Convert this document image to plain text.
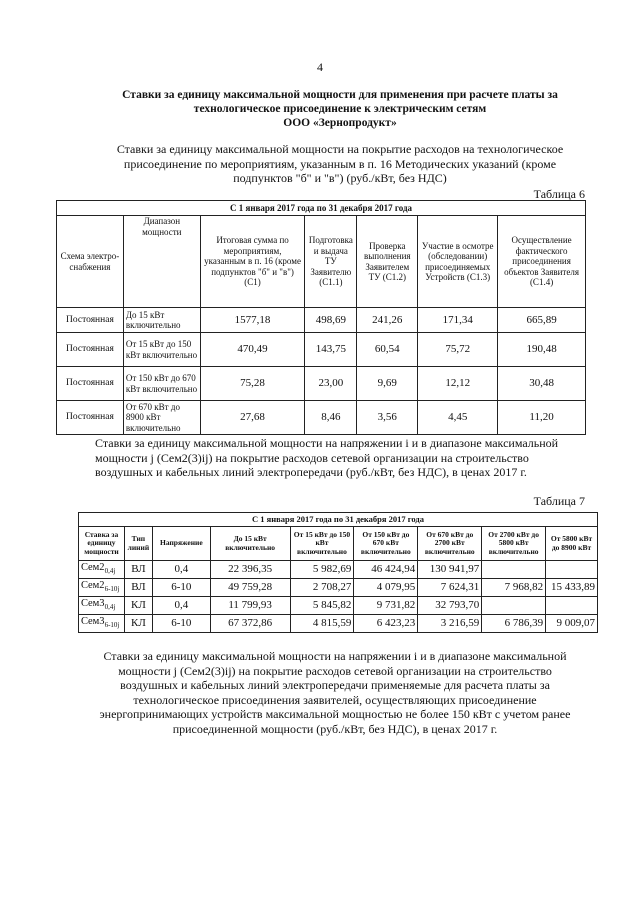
4
Ставки за единицу максимальной мощности для применения при расчете платы за
технологическое присоединение к электрическим сетям
ООО «Зернопродукт»
Ставки за единицу максимальной мощности на покрытие расходов на технологическое присоединение по мероприятиям, указанным в п. 16 Методических указаний (кроме подпунктов "б" и "в") (руб./кВт, без НДС)
Таблица 6
С 1 января 2017 года по 31 декабря 2017 года						
Схема электро-снабжения	Диапазон мощности	Итоговая сумма по мероприятиям, указанным в п. 16 (кроме подпунктов "б" и "в") (С1)	Подготовка и выдача ТУ Заявителю (С1.1)	Проверка выполнения Заявителем ТУ (С1.2)	Участие в осмотре (обследовании) присоединяемых Устройств (С1.3)	Осуществление фактического присоединения объектов Заявителя (С1.4)
Постоянная	До 15 кВт включительно	1577,18	498,69	241,26	171,34	665,89
Постоянная	От 15 кВт до 150 кВт включительно	470,49	143,75	60,54	75,72	190,48
Постоянная	От 150 кВт до 670 кВт включительно	75,28	23,00	9,69	12,12	30,48
Постоянная	От 670 кВт до 8900 кВт включительно	27,68	8,46	3,56	4,45	11,20
Ставки за единицу максимальной мощности на напряжении i и в диапазоне максимальной мощности j (Cем2(3)ij) на покрытие расходов сетевой организации на строительство воздушных и кабельных линий электропередачи (руб./кВт, без НДС), в ценах 2017 г.
Таблица 7
С 1 января 2017 года по 31 декабря 2017 года								
Ставка за единицу мощности	Тип линий	Напряжение	До 15 кВт включительно	От 15 кВт до 150 кВт включительно	От 150 кВт до 670 кВт включительно	От 670 кВт до 2700 кВт включительно	От 2700 кВт до 5800 кВт включительно	От 5800 кВт до 8900 кВт
$Cем2_{0,4j}$	ВЛ	0,4	22 396,35	5 982,69	46 424,94	130 941,97		
$Cем2_{6-10j}$	ВЛ	6-10	49 759,28	2 708,27	4 079,95	7 624,31	7 968,82	15 433,89
$Cем3_{0,4j}$	КЛ	0,4	11 799,93	5 845,82	9 731,82	32 793,70		
$Cем3_{6-10j}$	КЛ	6-10	67 372,86	4 815,59	6 423,23	3 216,59	6 786,39	9 009,07
Ставки за единицу максимальной мощности на напряжении i и в диапазоне максимальной мощности j (Cем2(3)ij) на покрытие расходов сетевой организации на строительство воздушных и кабельных линий электропередачи применяемые для расчета платы за технологическое присоединения заявителей, осуществляющих присоединение энергопринимающих устройств максимальной мощностью не более 150 кВт с учетом ранее присоединенной мощности (руб./кВт, без НДС), в ценах 2017 г.
